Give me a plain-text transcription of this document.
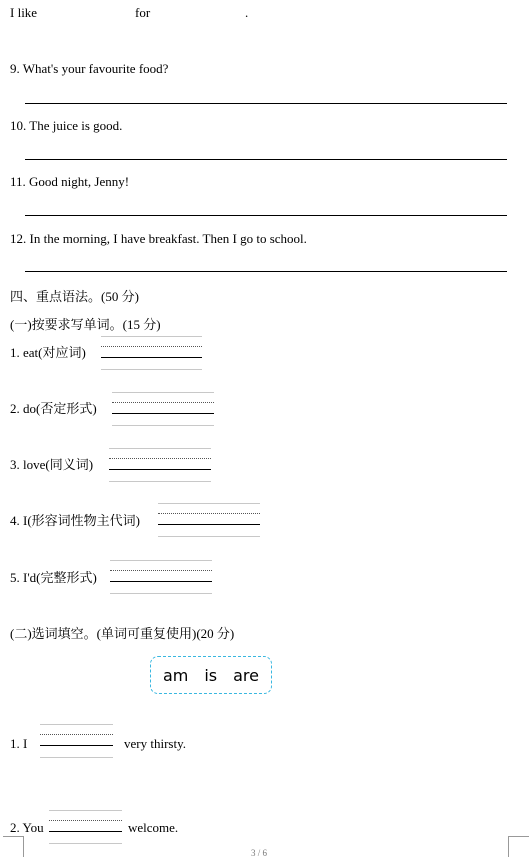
I like	for	.
9. What's your favourite food?
10. The juice is good.
11. Good night, Jenny!
12. In the morning, I have breakfast. Then I go to school.
四、重点语法。(50 分)
(一)按要求写单词。(15 分)
1. eat(对应词)
2. do(否定形式)
3. love(同义词)
4. I(形容词性物主代词)
5. I'd(完整形式)
(二)选词填空。(单词可重复使用)(20 分)
am is are
1. I	very thirsty.
2. You	welcome.
3 / 6
